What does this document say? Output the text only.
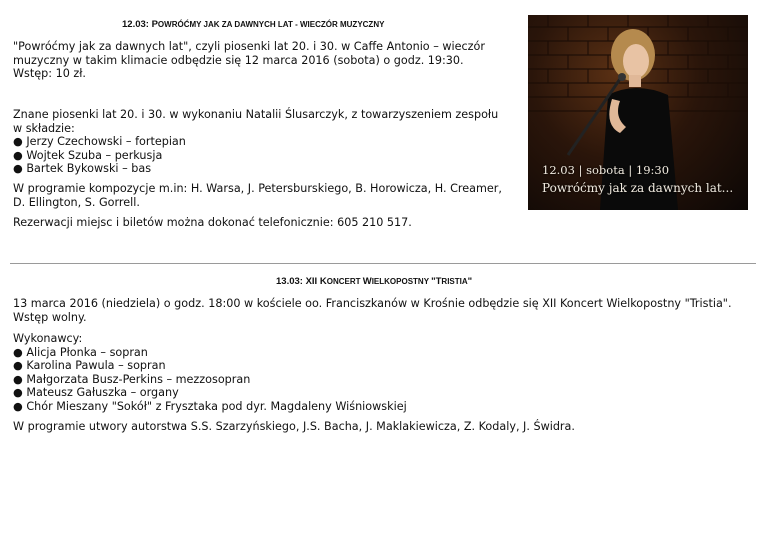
12.03: POWRÓĆMY JAK ZA DAWNYCH LAT - WIECZÓR MUZYCZNY
"Powróćmy jak za dawnych lat", czyli piosenki lat 20. i 30. w Caffe Antonio – wieczór
muzyczny w takim klimacie odbędzie się 12 marca 2016 (sobota) o godz. 19:30.
Wstęp: 10 zł.
Znane piosenki lat 20. i 30. w wykonaniu Natalii Ślusarczyk, z towarzyszeniem zespołu
w składzie:
● Jerzy Czechowski – fortepian
● Wojtek Szuba – perkusja
● Bartek Bykowski – bas
W programie kompozycje m.in: H. Warsa, J. Petersburskiego, B. Horowicza, H. Creamer,
D. Ellington, S. Gorrell.
Rezerwacji miejsc i biletów można dokonać telefonicznie: 605 210 517.
12.03 | sobota | 19:30
Powróćmy jak za dawnych lat...
13.03: XII KONCERT WIELKOPOSTNY "TRISTIA"
13 marca 2016 (niedziela) o godz. 18:00 w kościele oo. Franciszkanów w Krośnie odbędzie się XII Koncert Wielkopostny "Tristia".
Wstęp wolny.
Wykonawcy:
● Alicja Płonka – sopran
● Karolina Pawula – sopran
● Małgorzata Busz-Perkins – mezzosopran
● Mateusz Gałuszka – organy
● Chór Mieszany "Sokół" z Frysztaka pod dyr. Magdaleny Wiśniowskiej
W programie utwory autorstwa S.S. Szarzyńskiego, J.S. Bacha, J. Maklakiewicza, Z. Kodaly, J. Świdra.
